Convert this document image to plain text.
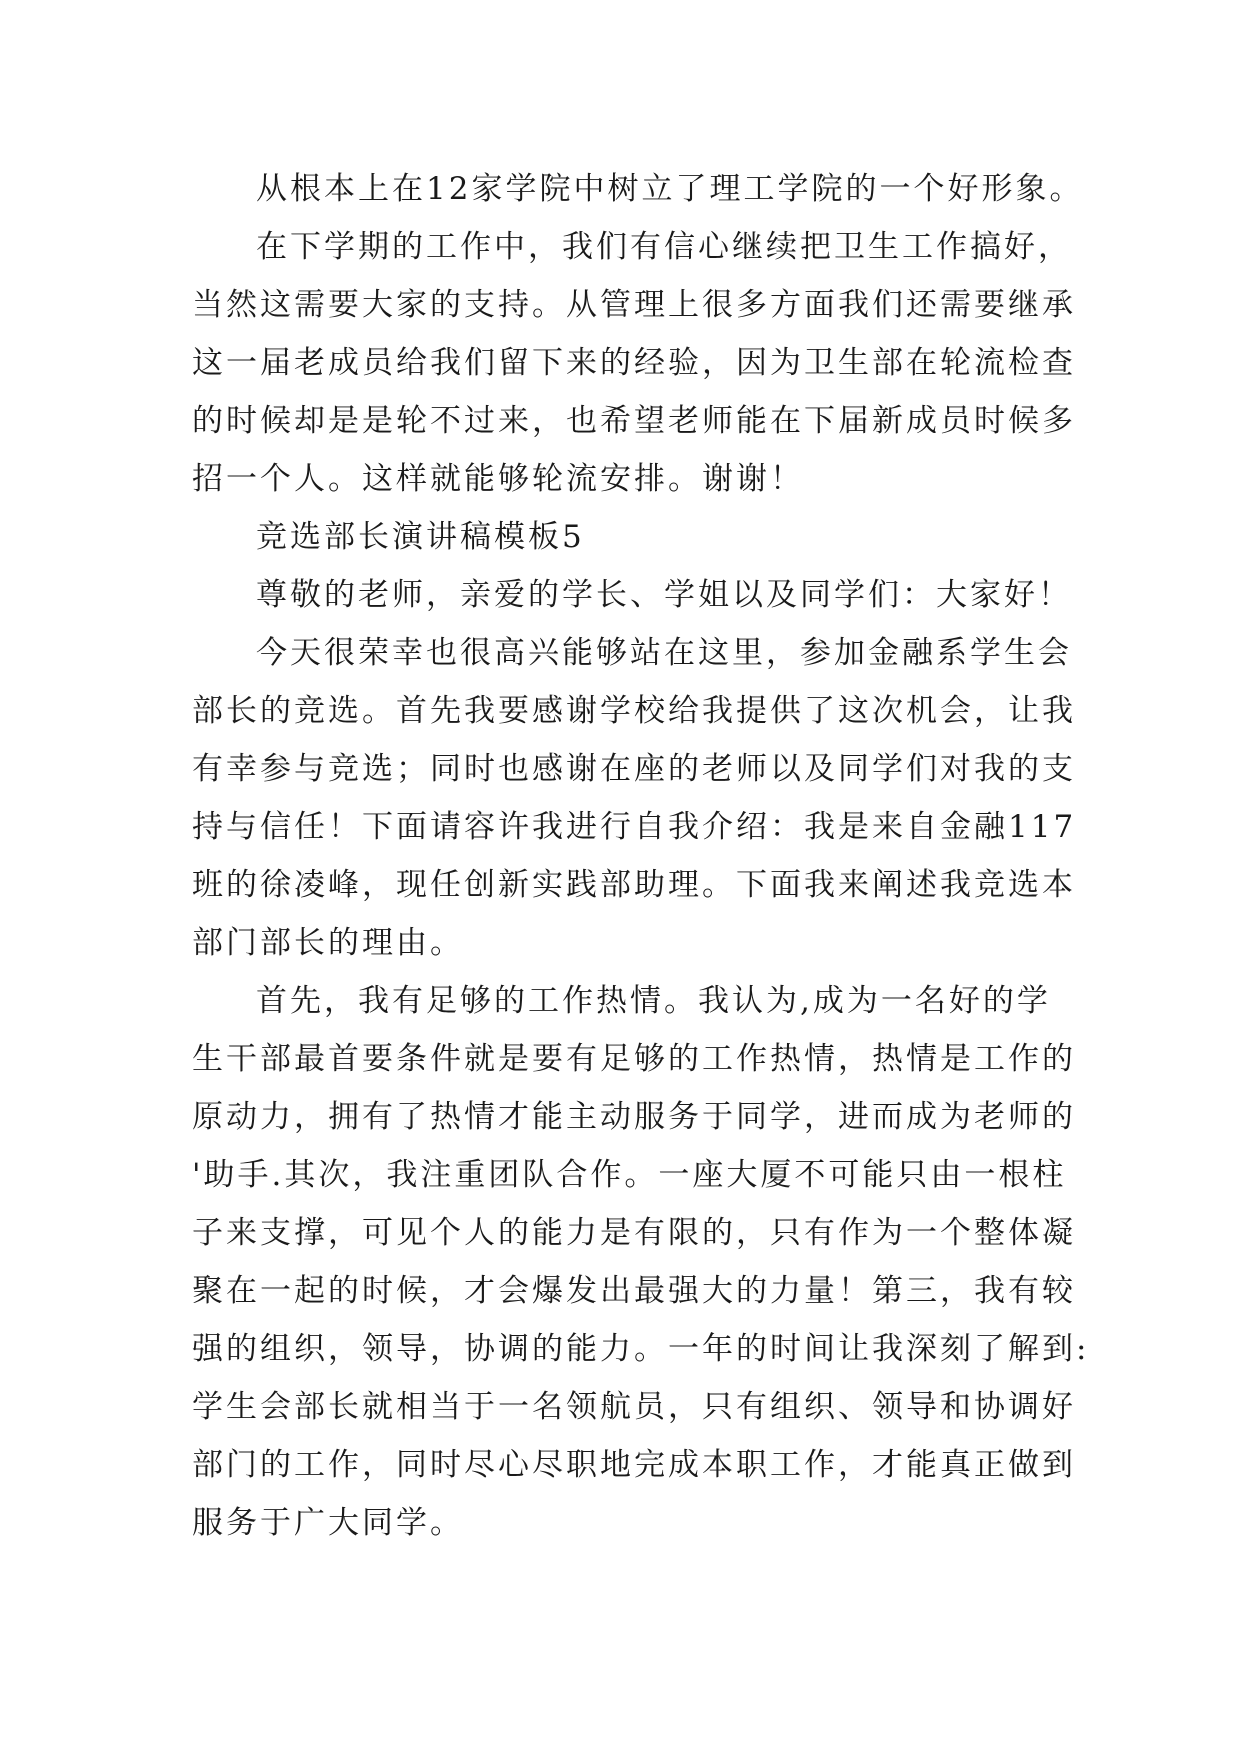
从根本上在12家学院中树立了理工学院的一个好形象。
在下学期的工作中，我们有信心继续把卫生工作搞好，
当然这需要大家的支持。从管理上很多方面我们还需要继承
这一届老成员给我们留下来的经验，因为卫生部在轮流检查
的时候却是是轮不过来，也希望老师能在下届新成员时候多
招一个人。这样就能够轮流安排。谢谢！
竞选部长演讲稿模板5
尊敬的老师，亲爱的学长、学姐以及同学们：大家好！
今天很荣幸也很高兴能够站在这里，参加金融系学生会
部长的竞选。首先我要感谢学校给我提供了这次机会，让我
有幸参与竞选；同时也感谢在座的老师以及同学们对我的支
持与信任！下面请容许我进行自我介绍：我是来自金融117
班的徐凌峰，现任创新实践部助理。下面我来阐述我竞选本
部门部长的理由。
首先，我有足够的工作热情。我认为,成为一名好的学
生干部最首要条件就是要有足够的工作热情，热情是工作的
原动力，拥有了热情才能主动服务于同学，进而成为老师的
'助手.其次，我注重团队合作。一座大厦不可能只由一根柱
子来支撑，可见个人的能力是有限的，只有作为一个整体凝
聚在一起的时候，才会爆发出最强大的力量！第三，我有较
强的组织，领导，协调的能力。一年的时间让我深刻了解到:
学生会部长就相当于一名领航员，只有组织、领导和协调好
部门的工作，同时尽心尽职地完成本职工作，才能真正做到
服务于广大同学。
